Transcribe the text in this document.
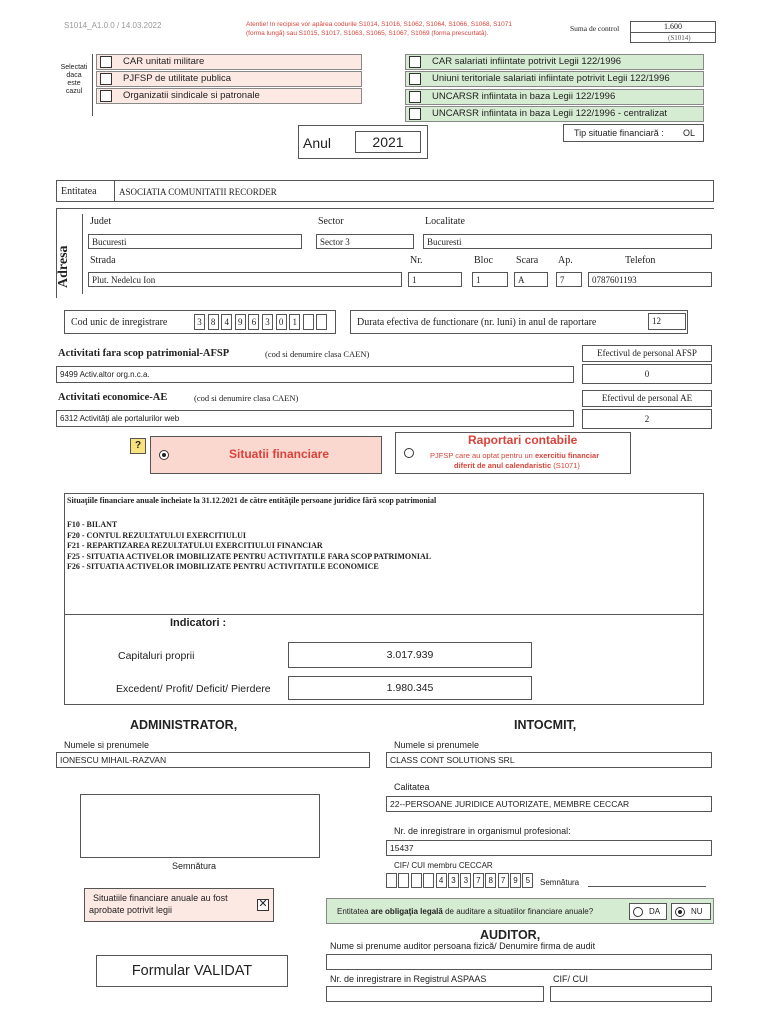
S1014_A1.0.0 / 14.03.2022	Atentie! In recipise vor apărea codurile S1014, S1016, S1062, S1064, S1066, S1068, S1071
(forma lungă) sau S1015, S1017, S1063, S1065, S1067, S1069 (forma prescurtată).
Suma de control	1.600
(S1014)
Selectati
daca
este
cazul
CAR unitati militare
PJFSP de utilitate publica
Organizatii sindicale si patronale
CAR salariati infiintate potrivit Legii 122/1996
Uniuni teritoriale salariati infiintate potrivit Legii 122/1996
UNCARSR infiintata in baza Legii 122/1996
UNCARSR infiintata in baza Legii 122/1996 - centralizat
Anul	2021
Tip situatie financiară : OL
Entitatea ASOCIATIA COMUNITATII RECORDER
Adresa
Judet
Bucuresti
Sector
Sector 3
Localitate
Bucuresti
Strada
Plut. Nedelcu Ion
Nr.
1
Bloc
1
Scara
A
Ap.
7
Telefon
0787601193
Cod unic de inregistrare	3	8	4	9	6	3	0	1	Durata efectiva de functionare (nr. luni) in anul de raportare	12
Activitati fara scop patrimonial-AFSP	(cod si denumire clasa CAEN)
9499 Activ.altor org.n.c.a.
Efectivul de personal AFSP
0
Activitati economice-AE	(cod si denumire clasa CAEN)
6312 Activităţi ale portalurilor web
Efectivul de personal AE
2
?
Situatii financiare
Raportari contabile
PJFSP care au optat pentru un exercitiu financiar
diferit de anul calendaristic (S1071)
Situaţiile financiare anuale încheiate la 31.12.2021 de către entităţile persoane juridice fără scop patrimonial
F10 - BILANT
F20 - CONTUL REZULTATULUI EXERCITIULUI
F21 - REPARTIZAREA REZULTATULUI EXERCITIULUI FINANCIAR
F25 - SITUATIA ACTIVELOR IMOBILIZATE PENTRU ACTIVITATILE FARA SCOP PATRIMONIAL
F26 - SITUATIA ACTIVELOR IMOBILIZATE PENTRU ACTIVITATILE ECONOMICE
Indicatori :
Capitaluri proprii	3.017.939
Excedent/ Profit/ Deficit/ Pierdere	1.980.345
ADMINISTRATOR,
Numele si prenumele
IONESCU MIHAIL-RAZVAN
Semnătura
Situatiile financiare anuale au fost
aprobate potrivit legii	✕
INTOCMIT,
Numele si prenumele
CLASS CONT SOLUTIONS SRL
Calitatea
22--PERSOANE JURIDICE AUTORIZATE, MEMBRE CECCAR
Nr. de inregistrare in organismul profesional:
15437
CIF/ CUI membru CECCAR
4 3 3 7 8 7 9 5	Semnătura
Entitatea are obligaţia legală de auditare a situatiilor financiare anuale?	DA	NU
AUDITOR,
Nume si prenume auditor persoana fizică/ Denumire firma de audit
Nr. de inregistrare in Registrul ASPAAS	CIF/ CUI
Formular VALIDAT
